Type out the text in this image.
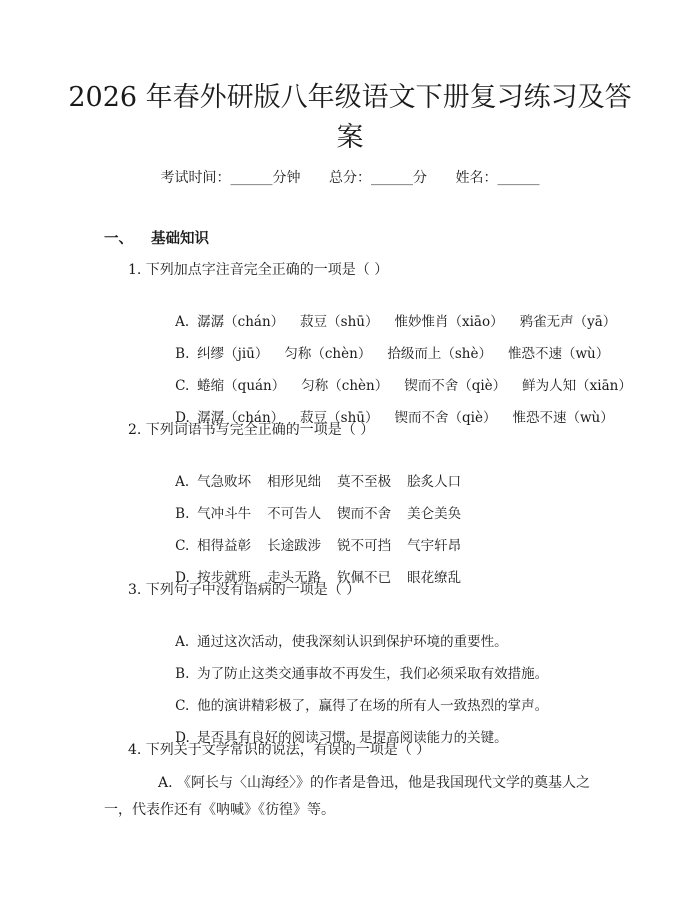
2026 年春外研版八年级语文下册复习练习及答案
考试时间：______分钟 总分：______分 姓名：______
一、 基础知识
1. 下列加点字注音完全正确的一项是（ ）

A. 潺潺（chán） 菽豆（shū） 惟妙惟肖（xiāo） 鸦雀无声（yā）

B. 纠缪（jiū） 匀称（chèn） 拾级而上（shè） 惟恐不速（wù）

C. 蜷缩（quán） 匀称（chèn） 锲而不舍（qiè） 鲜为人知（xiān）

D. 潺潺（chán） 菽豆（shū） 锲而不舍（qiè） 惟恐不速（wù）

2. 下列词语书写完全正确的一项是（ ）

A. 气急败坏 相形见绌 莫不至极 脍炙人口

B. 气冲斗牛 不可告人 锲而不舍 美仑美奂

C. 相得益彰 长途跋涉 锐不可挡 气宇轩昂

D. 按步就班 走头无路 钦佩不已 眼花缭乱

3. 下列句子中没有语病的一项是（ ）

A. 通过这次活动，使我深刻认识到保护环境的重要性。

B. 为了防止这类交通事故不再发生，我们必须采取有效措施。

C. 他的演讲精彩极了，赢得了在场的所有人一致热烈的掌声。

D. 是否具有良好的阅读习惯，是提高阅读能力的关键。

4. 下列关于文学常识的说法，有误的一项是（ ）
A. 《阿长与〈山海经〉》的作者是鲁迅，他是我国现代文学的奠基人之一，代表作还有《呐喊》《彷徨》等。
